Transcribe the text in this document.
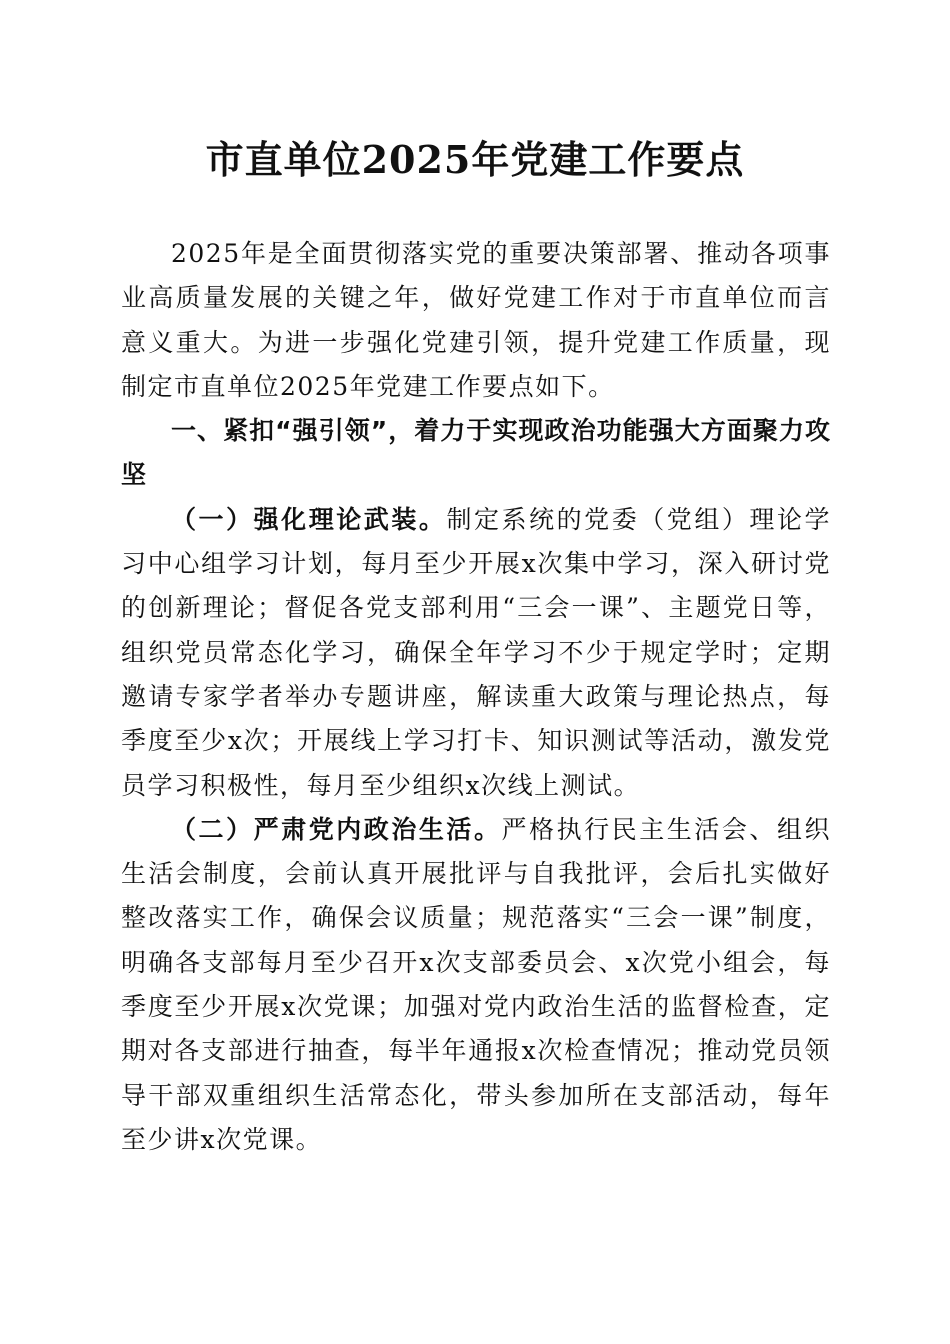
市直单位2025年党建工作要点

2025年是全面贯彻落实党的重要决策部署、推动各项事业高质量发展的关键之年，做好党建工作对于市直单位而言意义重大。为进一步强化党建引领，提升党建工作质量，现制定市直单位2025年党建工作要点如下。

一、紧扣“强引领”，着力于实现政治功能强大方面聚力攻坚

（一）强化理论武装。制定系统的党委（党组）理论学习中心组学习计划，每月至少开展x次集中学习，深入研讨党的创新理论；督促各党支部利用“三会一课”、主题党日等，组织党员常态化学习，确保全年学习不少于规定学时；定期邀请专家学者举办专题讲座，解读重大政策与理论热点，每季度至少x次；开展线上学习打卡、知识测试等活动，激发党员学习积极性，每月至少组织x次线上测试。

（二）严肃党内政治生活。严格执行民主生活会、组织生活会制度，会前认真开展批评与自我批评，会后扎实做好整改落实工作，确保会议质量；规范落实“三会一课”制度，明确各支部每月至少召开x次支部委员会、x次党小组会，每季度至少开展x次党课；加强对党内政治生活的监督检查，定期对各支部进行抽查，每半年通报x次检查情况；推动党员领导干部双重组织生活常态化，带头参加所在支部活动，每年至少讲x次党课。
